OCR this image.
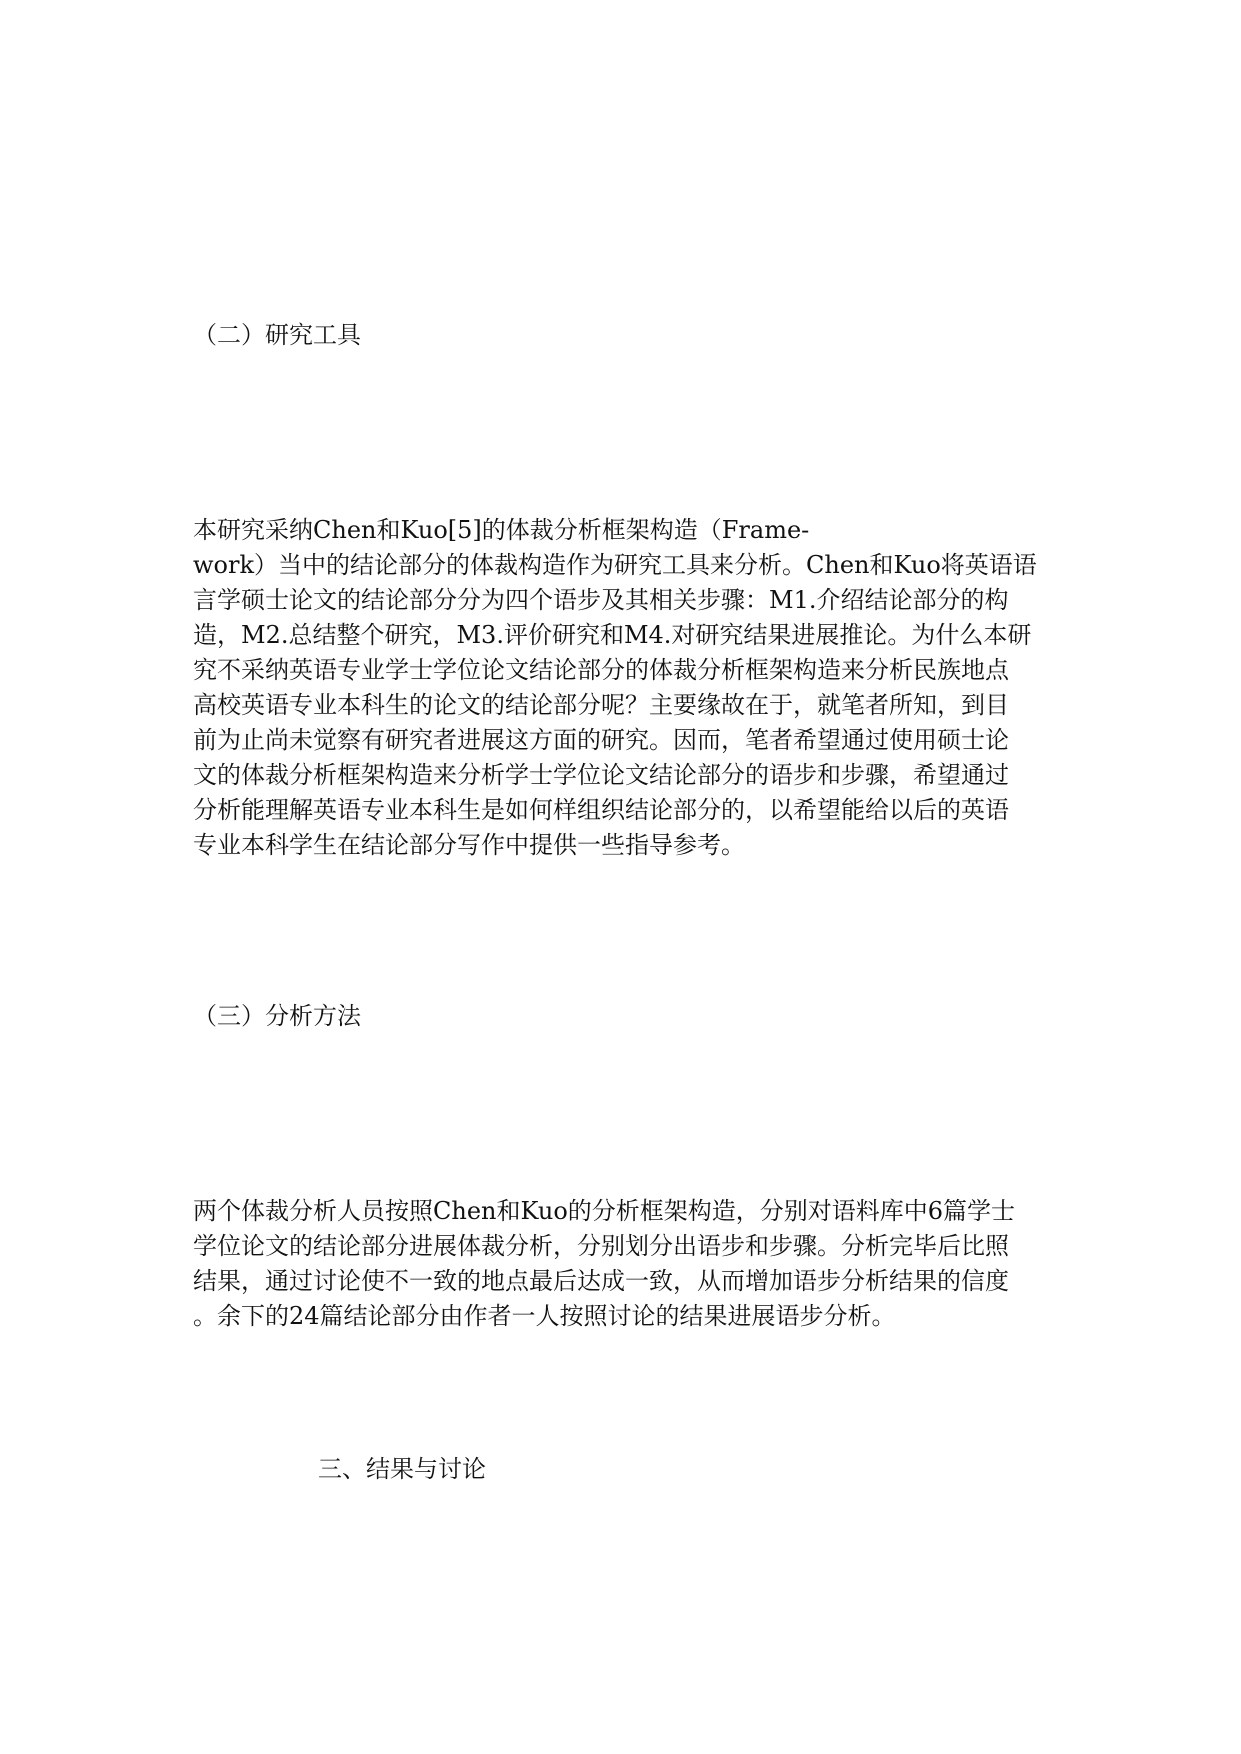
（二）研究工具
本研究采纳Chen和Kuo[5]的体裁分析框架构造（Frame-
work）当中的结论部分的体裁构造作为研究工具来分析。Chen和Kuo将英语语
言学硕士论文的结论部分分为四个语步及其相关步骤：M1.介绍结论部分的构
造，M2.总结整个研究，M3.评价研究和M4.对研究结果进展推论。为什么本研
究不采纳英语专业学士学位论文结论部分的体裁分析框架构造来分析民族地点
高校英语专业本科生的论文的结论部分呢？主要缘故在于，就笔者所知，到目
前为止尚未觉察有研究者进展这方面的研究。因而，笔者希望通过使用硕士论
文的体裁分析框架构造来分析学士学位论文结论部分的语步和步骤，希望通过
分析能理解英语专业本科生是如何样组织结论部分的，以希望能给以后的英语
专业本科学生在结论部分写作中提供一些指导参考。
（三）分析方法
两个体裁分析人员按照Chen和Kuo的分析框架构造，分别对语料库中6篇学士
学位论文的结论部分进展体裁分析，分别划分出语步和步骤。分析完毕后比照
结果，通过讨论使不一致的地点最后达成一致，从而增加语步分析结果的信度
。余下的24篇结论部分由作者一人按照讨论的结果进展语步分析。
三、结果与讨论
